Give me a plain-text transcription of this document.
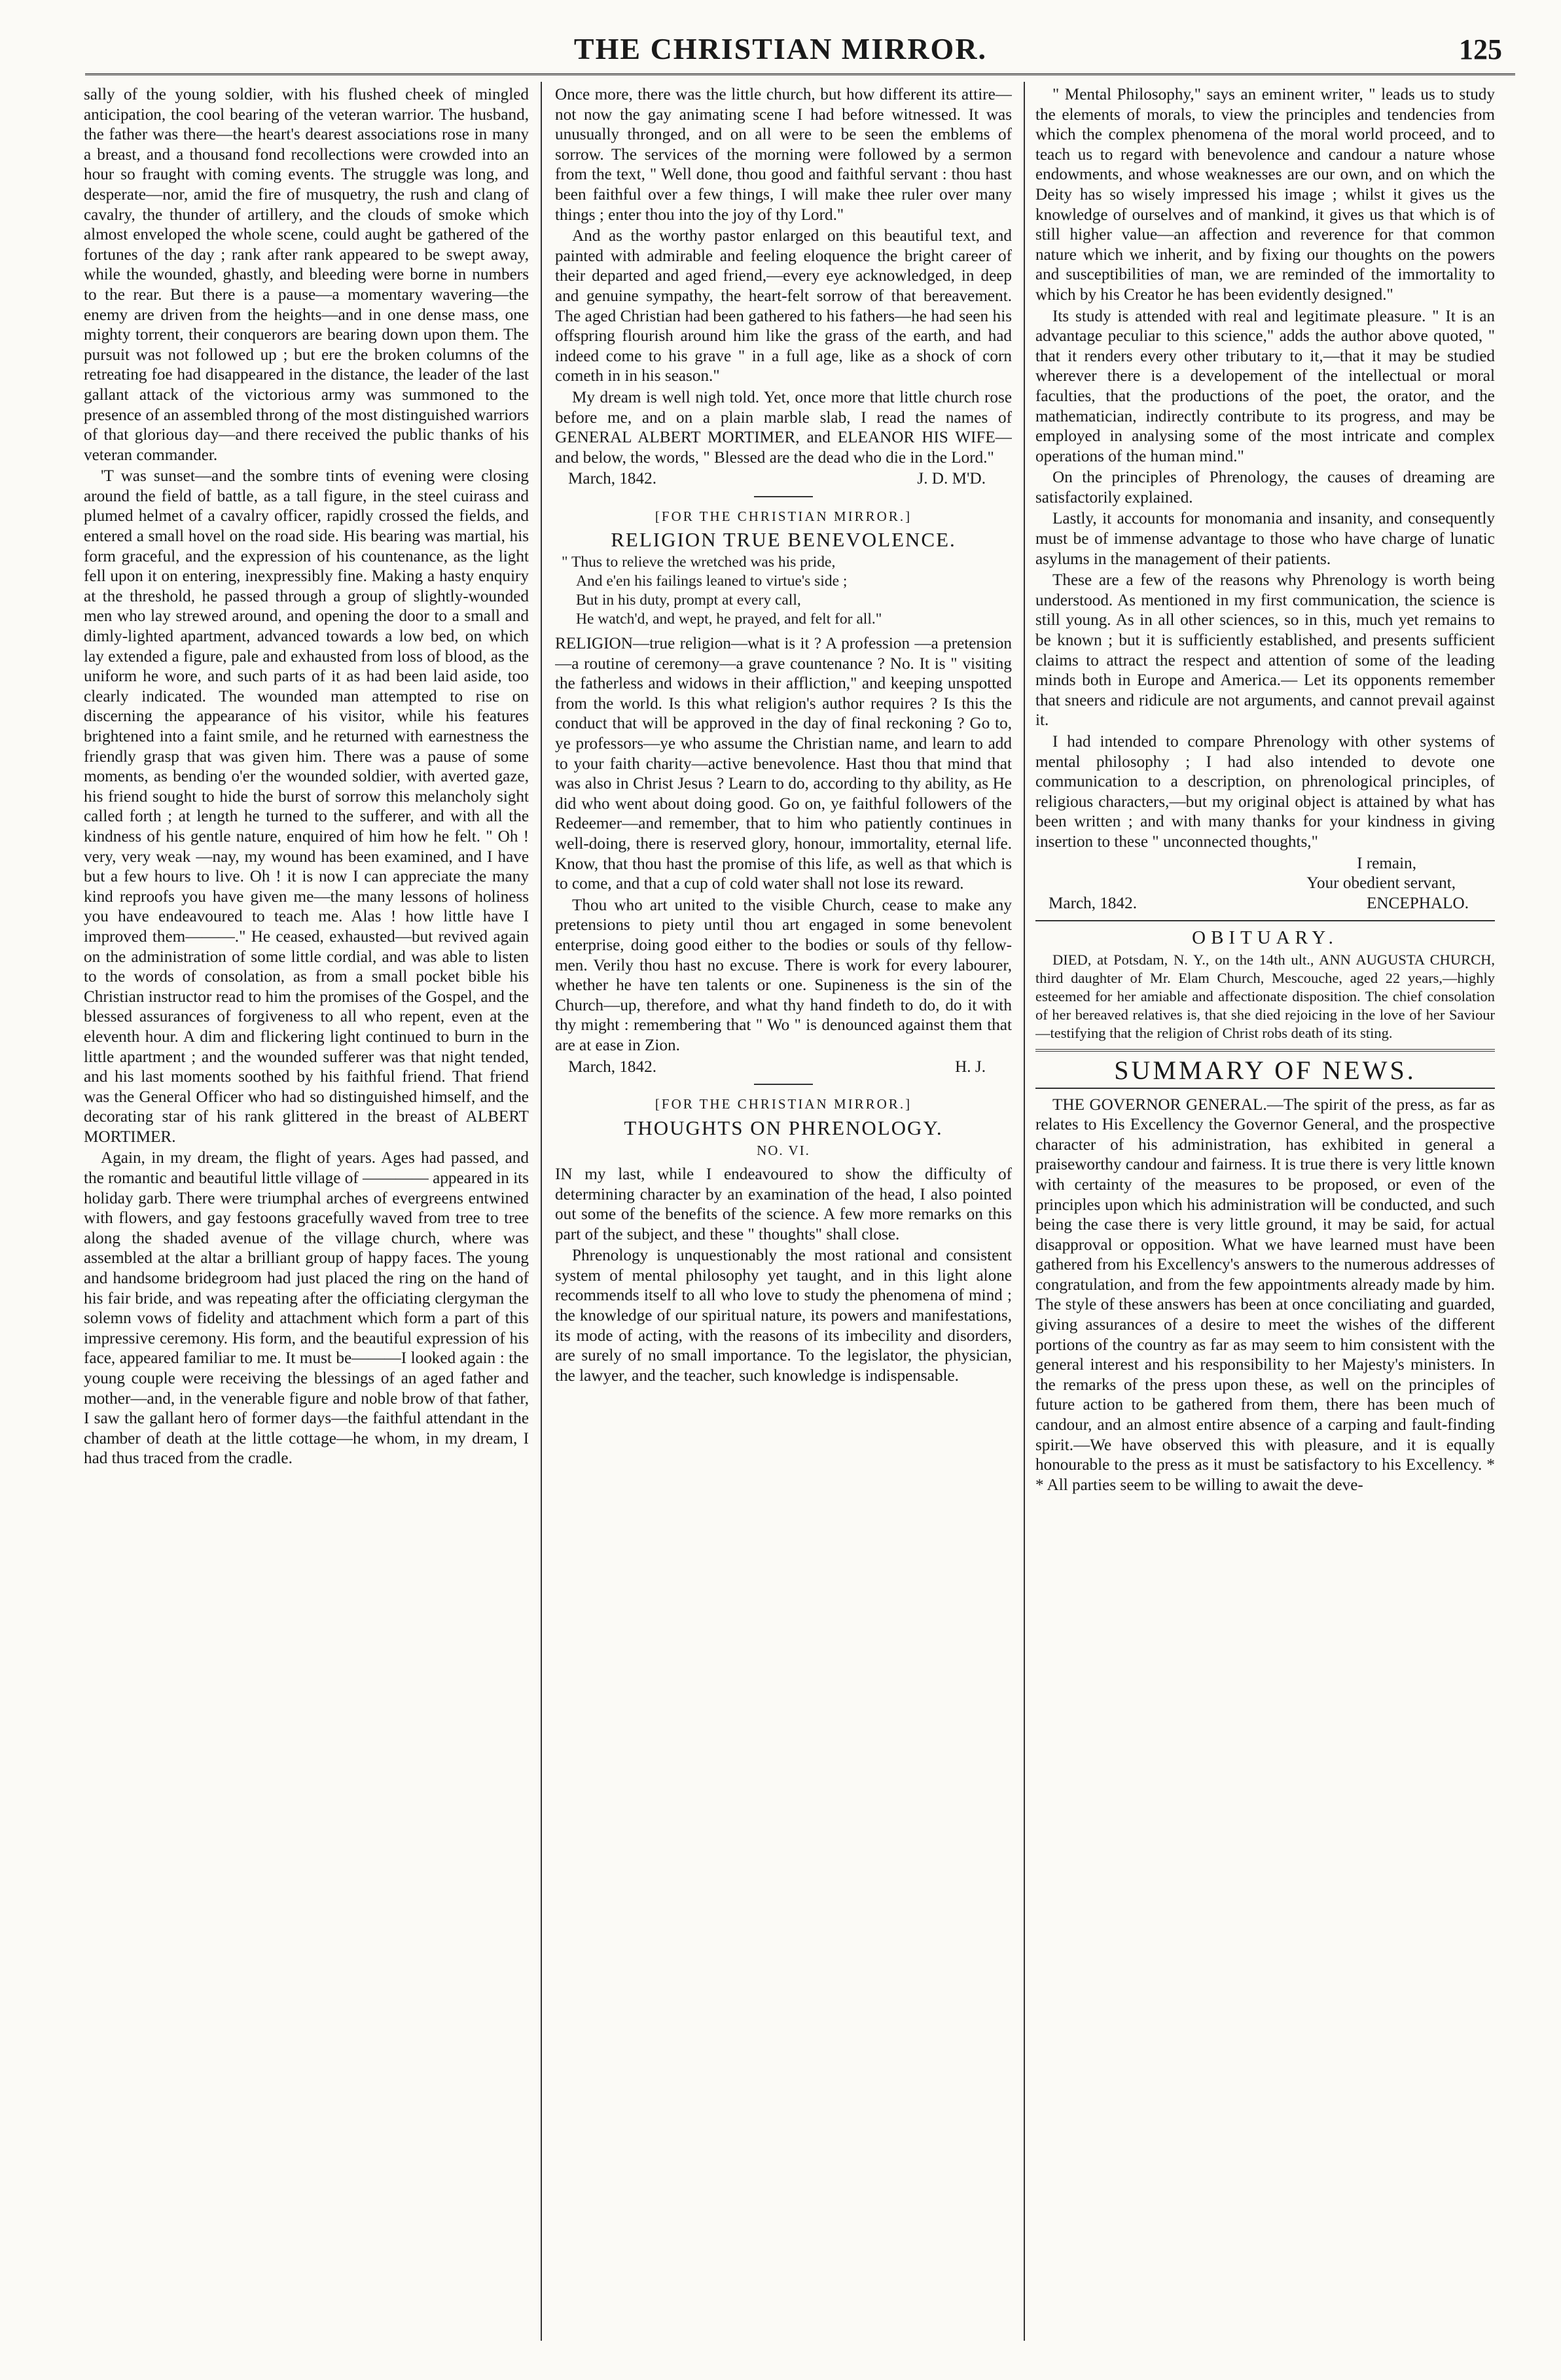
THE CHRISTIAN MIRROR.	125

sally of the young soldier, with his flushed cheek of mingled anticipation, the cool bearing of the veteran warrior. The husband, the father was there—the heart's dearest associations rose in many a breast, and a thousand fond recollections were crowded into an hour so fraught with coming events. The struggle was long, and desperate—nor, amid the fire of musquetry, the rush and clang of cavalry, the thunder of artillery, and the clouds of smoke which almost enveloped the whole scene, could aught be gathered of the fortunes of the day ; rank after rank appeared to be swept away, while the wounded, ghastly, and bleeding were borne in numbers to the rear. But there is a pause—a momentary wavering—the enemy are driven from the heights—and in one dense mass, one mighty torrent, their conquerors are bearing down upon them. The pursuit was not followed up ; but ere the broken columns of the retreating foe had disappeared in the distance, the leader of the last gallant attack of the victorious army was summoned to the presence of an assembled throng of the most distinguished warriors of that glorious day—and there received the public thanks of his veteran commander.

'T was sunset—and the sombre tints of evening were closing around the field of battle, as a tall figure, in the steel cuirass and plumed helmet of a cavalry officer, rapidly crossed the fields, and entered a small hovel on the road side. His bearing was martial, his form graceful, and the expression of his countenance, as the light fell upon it on entering, inexpressibly fine. Making a hasty enquiry at the threshold, he passed through a group of slightly-wounded men who lay strewed around, and opening the door to a small and dimly-lighted apartment, advanced towards a low bed, on which lay extended a figure, pale and exhausted from loss of blood, as the uniform he wore, and such parts of it as had been laid aside, too clearly indicated. The wounded man attempted to rise on discerning the appearance of his visitor, while his features brightened into a faint smile, and he returned with earnestness the friendly grasp that was given him. There was a pause of some moments, as bending o'er the wounded soldier, with averted gaze, his friend sought to hide the burst of sorrow this melancholy sight called forth ; at length he turned to the sufferer, and with all the kindness of his gentle nature, enquired of him how he felt. " Oh ! very, very weak —nay, my wound has been examined, and I have but a few hours to live. Oh ! it is now I can appreciate the many kind reproofs you have given me—the many lessons of holiness you have endeavoured to teach me. Alas ! how little have I improved them———." He ceased, exhausted—but revived again on the administration of some little cordial, and was able to listen to the words of consolation, as from a small pocket bible his Christian instructor read to him the promises of the Gospel, and the blessed assurances of forgiveness to all who repent, even at the eleventh hour. A dim and flickering light continued to burn in the little apartment ; and the wounded sufferer was that night tended, and his last moments soothed by his faithful friend. That friend was the General Officer who had so distinguished himself, and the decorating star of his rank glittered in the breast of ALBERT MORTIMER.

Again, in my dream, the flight of years. Ages had passed, and the romantic and beautiful little village of ———— appeared in its holiday garb. There were triumphal arches of evergreens entwined with flowers, and gay festoons gracefully waved from tree to tree along the shaded avenue of the village church, where was assembled at the altar a brilliant group of happy faces. The young and handsome bridegroom had just placed the ring on the hand of his fair bride, and was repeating after the officiating clergyman the solemn vows of fidelity and attachment which form a part of this impressive ceremony. His form, and the beautiful expression of his face, appeared familiar to me. It must be———I looked again : the young couple were receiving the blessings of an aged father and mother—and, in the venerable figure and noble brow of that father, I saw the gallant hero of former days—the faithful attendant in the chamber of death at the little cottage—he whom, in my dream, I had thus traced from the cradle.

Once more, there was the little church, but how different its attire—not now the gay animating scene I had before witnessed. It was unusually thronged, and on all were to be seen the emblems of sorrow. The services of the morning were followed by a sermon from the text, " Well done, thou good and faithful servant : thou hast been faithful over a few things, I will make thee ruler over many things ; enter thou into the joy of thy Lord."

And as the worthy pastor enlarged on this beautiful text, and painted with admirable and feeling eloquence the bright career of their departed and aged friend,—every eye acknowledged, in deep and genuine sympathy, the heart-felt sorrow of that bereavement. The aged Christian had been gathered to his fathers—he had seen his offspring flourish around him like the grass of the earth, and had indeed come to his grave " in a full age, like as a shock of corn cometh in in his season."

My dream is well nigh told. Yet, once more that little church rose before me, and on a plain marble slab, I read the names of GENERAL ALBERT MORTIMER, and ELEANOR HIS WIFE—and below, the words, " Blessed are the dead who die in the Lord."

March, 1842.	J. D. M'D.
[FOR THE CHRISTIAN MIRROR.]
RELIGION TRUE BENEVOLENCE.
" Thus to relieve the wretched was his pride,
And e'en his failings leaned to virtue's side ;
But in his duty, prompt at every call,
He watch'd, and wept, he prayed, and felt for all."

RELIGION—true religion—what is it ? A profession —a pretension—a routine of ceremony—a grave countenance ? No. It is " visiting the fatherless and widows in their affliction," and keeping unspotted from the world. Is this what religion's author requires ? Is this the conduct that will be approved in the day of final reckoning ? Go to, ye professors—ye who assume the Christian name, and learn to add to your faith charity—active benevolence. Hast thou that mind that was also in Christ Jesus ? Learn to do, according to thy ability, as He did who went about doing good. Go on, ye faithful followers of the Redeemer—and remember, that to him who patiently continues in well-doing, there is reserved glory, honour, immortality, eternal life. Know, that thou hast the promise of this life, as well as that which is to come, and that a cup of cold water shall not lose its reward.

Thou who art united to the visible Church, cease to make any pretensions to piety until thou art engaged in some benevolent enterprise, doing good either to the bodies or souls of thy fellow-men. Verily thou hast no excuse. There is work for every labourer, whether he have ten talents or one. Supineness is the sin of the Church—up, therefore, and what thy hand findeth to do, do it with thy might : remembering that " Wo " is denounced against them that are at ease in Zion.

March, 1842.	H. J.
[FOR THE CHRISTIAN MIRROR.]
THOUGHTS ON PHRENOLOGY.
NO. VI.

IN my last, while I endeavoured to show the difficulty of determining character by an examination of the head, I also pointed out some of the benefits of the science. A few more remarks on this part of the subject, and these " thoughts" shall close.

Phrenology is unquestionably the most rational and consistent system of mental philosophy yet taught, and in this light alone recommends itself to all who love to study the phenomena of mind ; the knowledge of our spiritual nature, its powers and manifestations, its mode of acting, with the reasons of its imbecility and disorders, are surely of no small importance. To the legislator, the physician, the lawyer, and the teacher, such knowledge is indispensable.

" Mental Philosophy," says an eminent writer, " leads us to study the elements of morals, to view the principles and tendencies from which the complex phenomena of the moral world proceed, and to teach us to regard with benevolence and candour a nature whose endowments, and whose weaknesses are our own, and on which the Deity has so wisely impressed his image ; whilst it gives us the knowledge of ourselves and of mankind, it gives us that which is of still higher value—an affection and reverence for that common nature which we inherit, and by fixing our thoughts on the powers and susceptibilities of man, we are reminded of the immortality to which by his Creator he has been evidently designed."

Its study is attended with real and legitimate pleasure. " It is an advantage peculiar to this science," adds the author above quoted, " that it renders every other tributary to it,—that it may be studied wherever there is a developement of the intellectual or moral faculties, that the productions of the poet, the orator, and the mathematician, indirectly contribute to its progress, and may be employed in analysing some of the most intricate and complex operations of the human mind."

On the principles of Phrenology, the causes of dreaming are satisfactorily explained.

Lastly, it accounts for monomania and insanity, and consequently must be of immense advantage to those who have charge of lunatic asylums in the management of their patients.

These are a few of the reasons why Phrenology is worth being understood. As mentioned in my first communication, the science is still young. As in all other sciences, so in this, much yet remains to be known ; but it is sufficiently established, and presents sufficient claims to attract the respect and attention of some of the leading minds both in Europe and America.— Let its opponents remember that sneers and ridicule are not arguments, and cannot prevail against it.

I had intended to compare Phrenology with other systems of mental philosophy ; I had also intended to devote one communication to a description, on phrenological principles, of religious characters,—but my original object is attained by what has been written ; and with many thanks for your kindness in giving insertion to these " unconnected thoughts,"

I remain,
Your obedient servant,
March, 1842.	ENCEPHALO.
OBITUARY.

DIED, at Potsdam, N. Y., on the 14th ult., ANN AUGUSTA CHURCH, third daughter of Mr. Elam Church, Mescouche, aged 22 years,—highly esteemed for her amiable and affectionate disposition. The chief consolation of her bereaved relatives is, that she died rejoicing in the love of her Saviour—testifying that the religion of Christ robs death of its sting.

SUMMARY OF NEWS.

THE GOVERNOR GENERAL.—The spirit of the press, as far as relates to His Excellency the Governor General, and the prospective character of his administration, has exhibited in general a praiseworthy candour and fairness. It is true there is very little known with certainty of the measures to be proposed, or even of the principles upon which his administration will be conducted, and such being the case there is very little ground, it may be said, for actual disapproval or opposition. What we have learned must have been gathered from his Excellency's answers to the numerous addresses of congratulation, and from the few appointments already made by him. The style of these answers has been at once conciliating and guarded, giving assurances of a desire to meet the wishes of the different portions of the country as far as may seem to him consistent with the general interest and his responsibility to her Majesty's ministers. In the remarks of the press upon these, as well on the principles of future action to be gathered from them, there has been much of candour, and an almost entire absence of a carping and fault-finding spirit.—We have observed this with pleasure, and it is equally honourable to the press as it must be satisfactory to his Excellency. * * All parties seem to be willing to await the deve-
